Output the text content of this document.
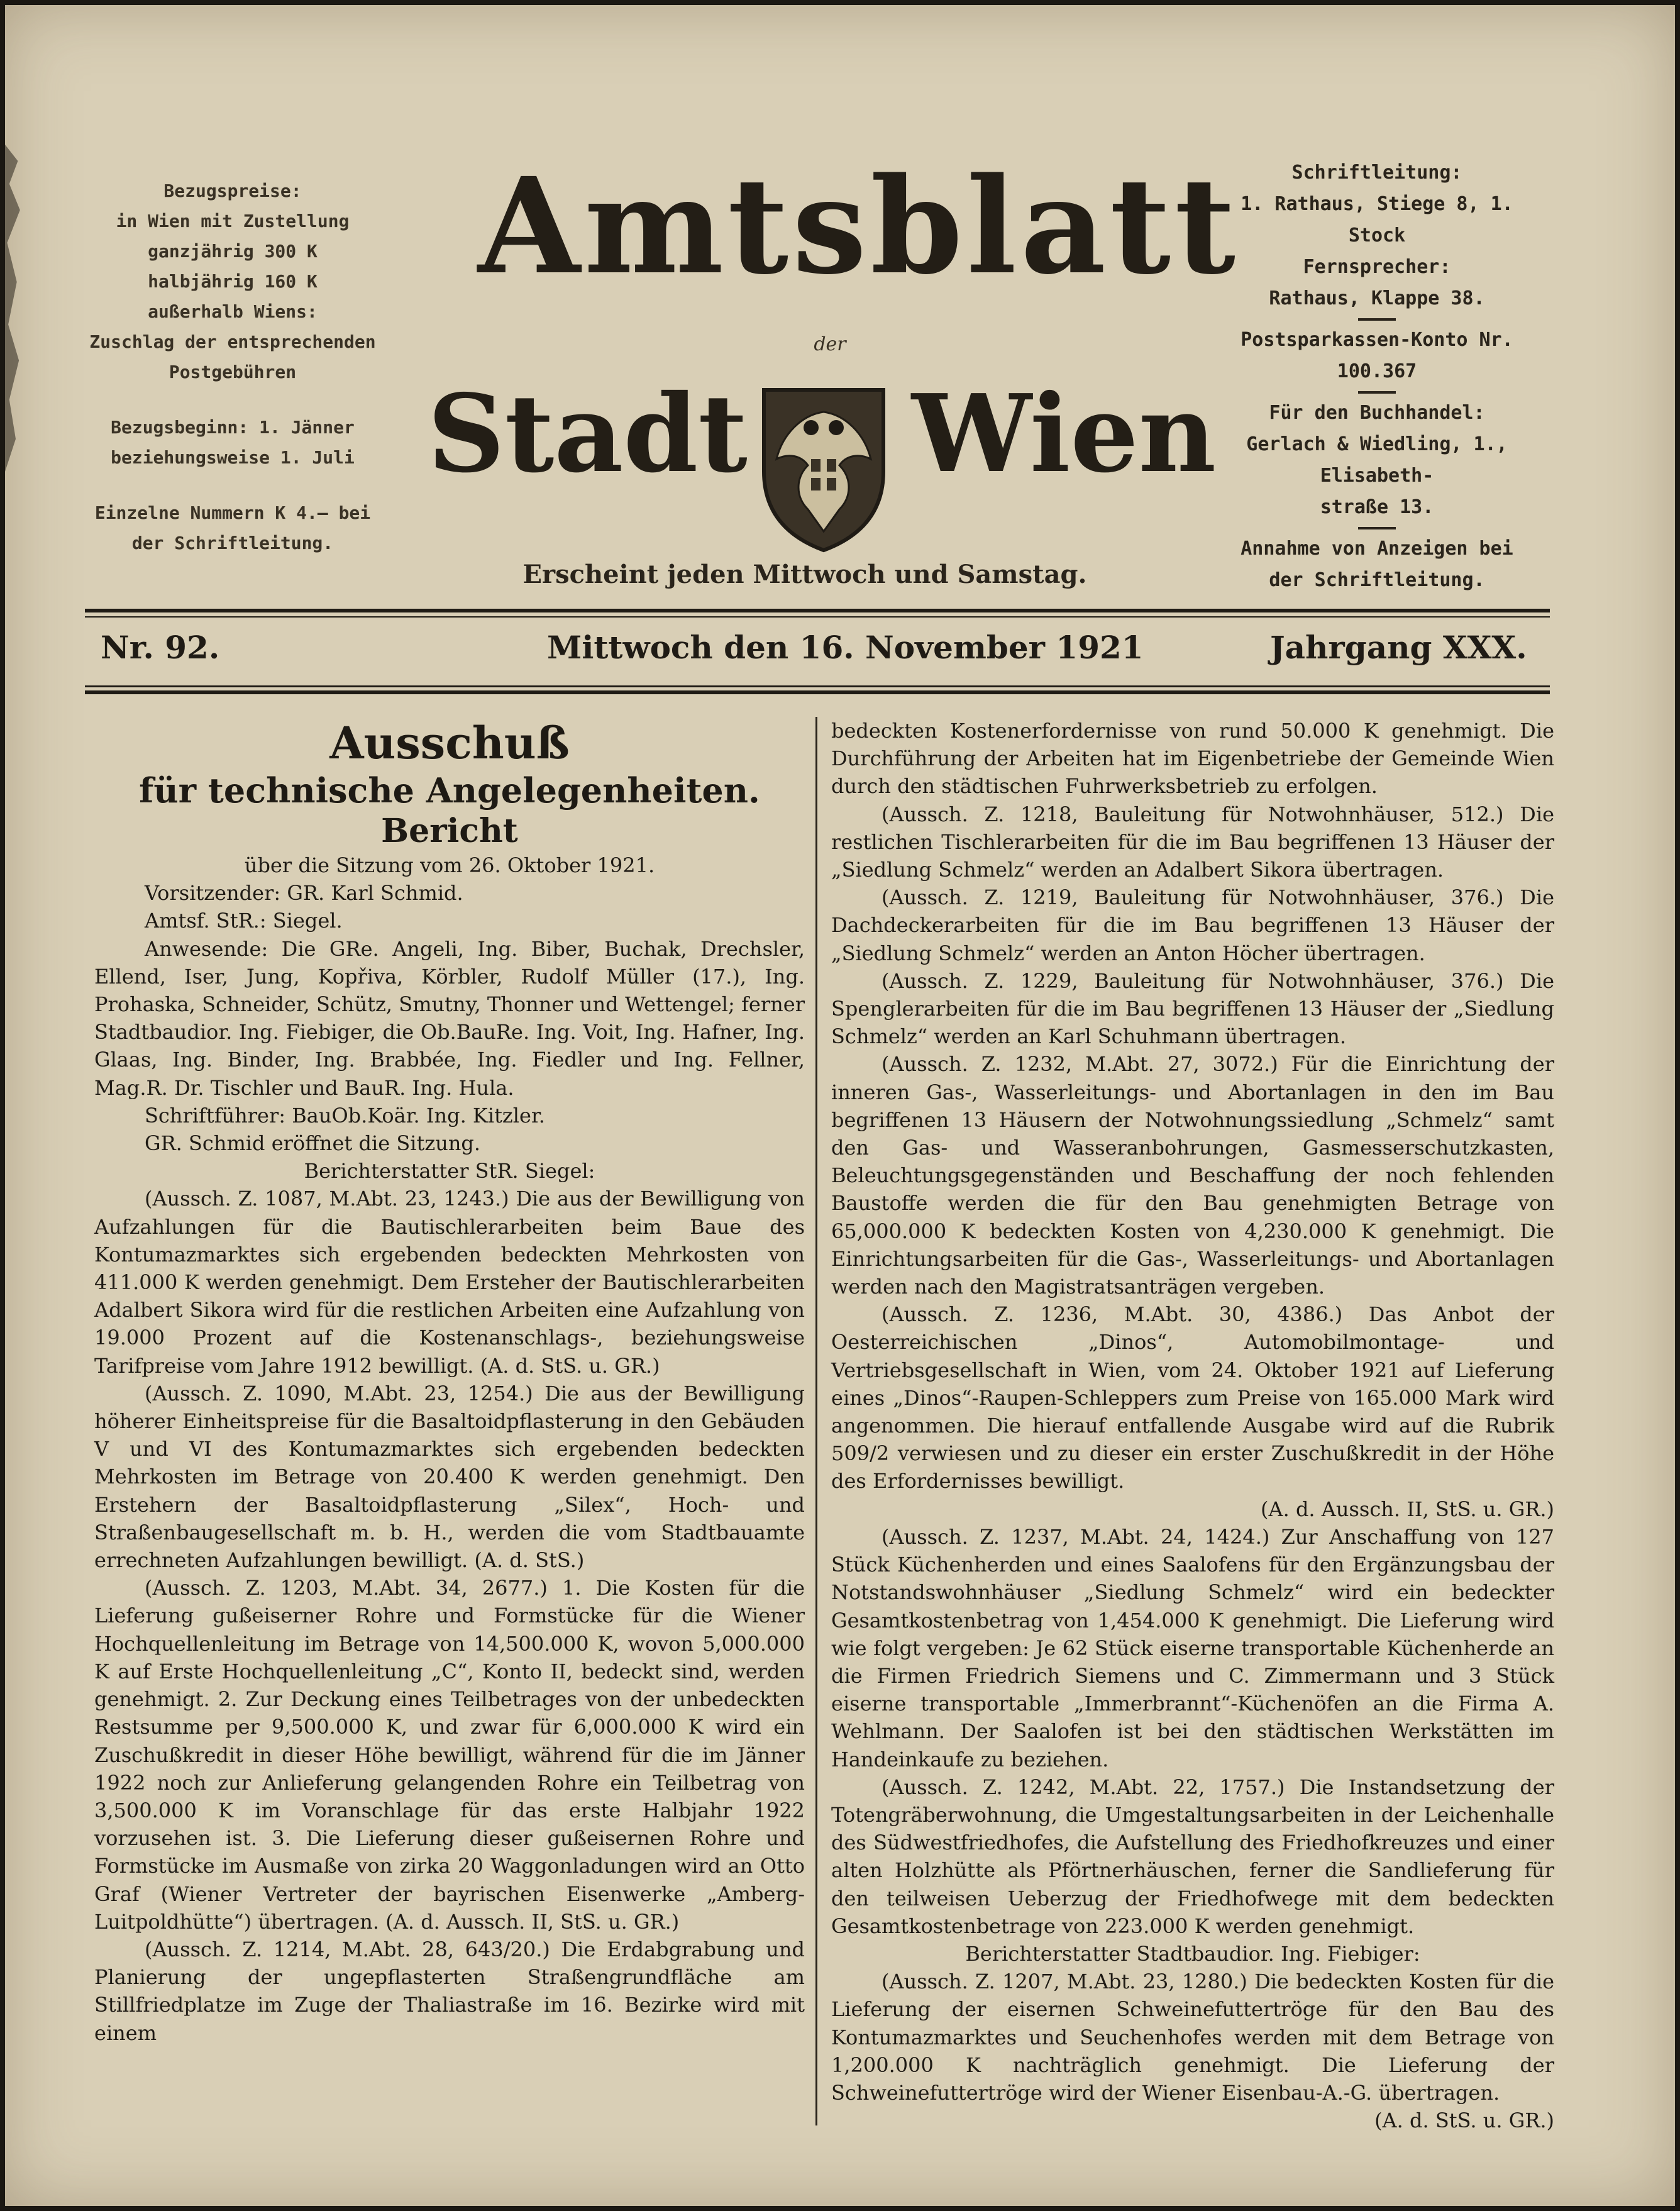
Bezugspreise:
in Wien mit Zustellung
ganzjährig 300 K
halbjährig 160 K
außerhalb Wiens:
Zuschlag der entsprechenden
Postgebühren
Bezugsbeginn: 1. Jänner
beziehungsweise 1. Juli
Einzelne Nummern K 4.— bei
der Schriftleitung.
Amtsblatt
der
Stadt Wien
Erscheint jeden Mittwoch und Samstag.
Schriftleitung:
1. Rathaus, Stiege 8, 1. Stock
Fernsprecher:
Rathaus, Klappe 38.
Postsparkassen-Konto Nr. 100.367
Für den Buchhandel:
Gerlach & Wiedling, 1., Elisabeth-
straße 13.
Annahme von Anzeigen bei
der Schriftleitung.
Nr. 92.	Mittwoch den 16. November 1921	Jahrgang XXX.

Ausschuß

für technische Angelegenheiten.

Bericht

über die Sitzung vom 26. Oktober 1921.

Vorsitzender: GR. Karl Schmid.

Amtsf. StR.: Siegel.

Anwesende: Die GRe. Angeli, Ing. Biber, Buchak, Drechsler, Ellend, Iser, Jung, Kopřiva, Körbler, Rudolf Müller (17.), Ing. Prohaska, Schneider, Schütz, Smutny, Thonner und Wettengel; ferner Stadtbaudior. Ing. Fiebiger, die Ob.BauRe. Ing. Voit, Ing. Hafner, Ing. Glaas, Ing. Binder, Ing. Brabbée, Ing. Fiedler und Ing. Fellner, Mag.R. Dr. Tischler und BauR. Ing. Hula.

Schriftführer: BauOb.Koär. Ing. Kitzler.

GR. Schmid eröffnet die Sitzung.

Berichterstatter StR. Siegel:

(Aussch. Z. 1087, M.Abt. 23, 1243.) Die aus der Bewilligung von Aufzahlungen für die Bautischlerarbeiten beim Baue des Kontumazmarktes sich ergebenden bedeckten Mehrkosten von 411.000 K werden genehmigt. Dem Ersteher der Bautischlerarbeiten Adalbert Sikora wird für die restlichen Arbeiten eine Aufzahlung von 19.000 Prozent auf die Kostenanschlags-, beziehungsweise Tarifpreise vom Jahre 1912 bewilligt. (A. d. StS. u. GR.)

(Aussch. Z. 1090, M.Abt. 23, 1254.) Die aus der Bewilligung höherer Einheitspreise für die Basaltoidpflasterung in den Gebäuden V und VI des Kontumazmarktes sich ergebenden bedeckten Mehrkosten im Betrage von 20.400 K werden genehmigt. Den Erstehern der Basaltoidpflasterung „Silex“, Hoch- und Straßenbaugesellschaft m. b. H., werden die vom Stadtbauamte errechneten Aufzahlungen bewilligt. (A. d. StS.)

(Aussch. Z. 1203, M.Abt. 34, 2677.) 1. Die Kosten für die Lieferung gußeiserner Rohre und Formstücke für die Wiener Hochquellenleitung im Betrage von 14,500.000 K, wovon 5,000.000 K auf Erste Hochquellenleitung „C“, Konto II, bedeckt sind, werden genehmigt. 2. Zur Deckung eines Teilbetrages von der unbedeckten Restsumme per 9,500.000 K, und zwar für 6,000.000 K wird ein Zuschußkredit in dieser Höhe bewilligt, während für die im Jänner 1922 noch zur Anlieferung gelangenden Rohre ein Teilbetrag von 3,500.000 K im Voranschlage für das erste Halbjahr 1922 vorzusehen ist. 3. Die Lieferung dieser gußeisernen Rohre und Formstücke im Ausmaße von zirka 20 Waggonladungen wird an Otto Graf (Wiener Vertreter der bayrischen Eisenwerke „Amberg-Luitpoldhütte“) übertragen. (A. d. Aussch. II, StS. u. GR.)

(Aussch. Z. 1214, M.Abt. 28, 643/20.) Die Erdabgrabung und Planierung der ungepflasterten Straßengrundfläche am Stillfriedplatze im Zuge der Thaliastraße im 16. Bezirke wird mit einem

bedeckten Kostenerfordernisse von rund 50.000 K genehmigt. Die Durchführung der Arbeiten hat im Eigenbetriebe der Gemeinde Wien durch den städtischen Fuhrwerksbetrieb zu erfolgen.

(Aussch. Z. 1218, Bauleitung für Notwohnhäuser, 512.) Die restlichen Tischlerarbeiten für die im Bau begriffenen 13 Häuser der „Siedlung Schmelz“ werden an Adalbert Sikora übertragen.

(Aussch. Z. 1219, Bauleitung für Notwohnhäuser, 376.) Die Dachdeckerarbeiten für die im Bau begriffenen 13 Häuser der „Siedlung Schmelz“ werden an Anton Höcher übertragen.

(Aussch. Z. 1229, Bauleitung für Notwohnhäuser, 376.) Die Spenglerarbeiten für die im Bau begriffenen 13 Häuser der „Siedlung Schmelz“ werden an Karl Schuhmann übertragen.

(Aussch. Z. 1232, M.Abt. 27, 3072.) Für die Einrichtung der inneren Gas-, Wasserleitungs- und Abortanlagen in den im Bau begriffenen 13 Häusern der Notwohnungssiedlung „Schmelz“ samt den Gas- und Wasseranbohrungen, Gasmesserschutzkasten, Beleuchtungsgegenständen und Beschaffung der noch fehlenden Baustoffe werden die für den Bau genehmigten Betrage von 65,000.000 K bedeckten Kosten von 4,230.000 K genehmigt. Die Einrichtungsarbeiten für die Gas-, Wasserleitungs- und Abortanlagen werden nach den Magistratsanträgen vergeben.

(Aussch. Z. 1236, M.Abt. 30, 4386.) Das Anbot der Oesterreichischen „Dinos“, Automobilmontage- und Vertriebsgesellschaft in Wien, vom 24. Oktober 1921 auf Lieferung eines „Dinos“-Raupen-Schleppers zum Preise von 165.000 Mark wird angenommen. Die hierauf entfallende Ausgabe wird auf die Rubrik 509/2 verwiesen und zu dieser ein erster Zuschußkredit in der Höhe des Erfordernisses bewilligt.

(A. d. Aussch. II, StS. u. GR.)

(Aussch. Z. 1237, M.Abt. 24, 1424.) Zur Anschaffung von 127 Stück Küchenherden und eines Saalofens für den Ergänzungsbau der Notstandswohnhäuser „Siedlung Schmelz“ wird ein bedeckter Gesamtkostenbetrag von 1,454.000 K genehmigt. Die Lieferung wird wie folgt vergeben: Je 62 Stück eiserne transportable Küchenherde an die Firmen Friedrich Siemens und C. Zimmermann und 3 Stück eiserne transportable „Immerbrannt“-Küchenöfen an die Firma A. Wehlmann. Der Saalofen ist bei den städtischen Werkstätten im Handeinkaufe zu beziehen.

(Aussch. Z. 1242, M.Abt. 22, 1757.) Die Instandsetzung der Totengräberwohnung, die Umgestaltungsarbeiten in der Leichenhalle des Südwestfriedhofes, die Aufstellung des Friedhofkreuzes und einer alten Holzhütte als Pförtnerhäuschen, ferner die Sandlieferung für den teilweisen Ueberzug der Friedhofwege mit dem bedeckten Gesamtkostenbetrage von 223.000 K werden genehmigt.

Berichterstatter Stadtbaudior. Ing. Fiebiger:

(Aussch. Z. 1207, M.Abt. 23, 1280.) Die bedeckten Kosten für die Lieferung der eisernen Schweinefuttertröge für den Bau des Kontumazmarktes und Seuchenhofes werden mit dem Betrage von 1,200.000 K nachträglich genehmigt. Die Lieferung der Schweinefuttertröge wird der Wiener Eisenbau-A.-G. übertragen.

(A. d. StS. u. GR.)
